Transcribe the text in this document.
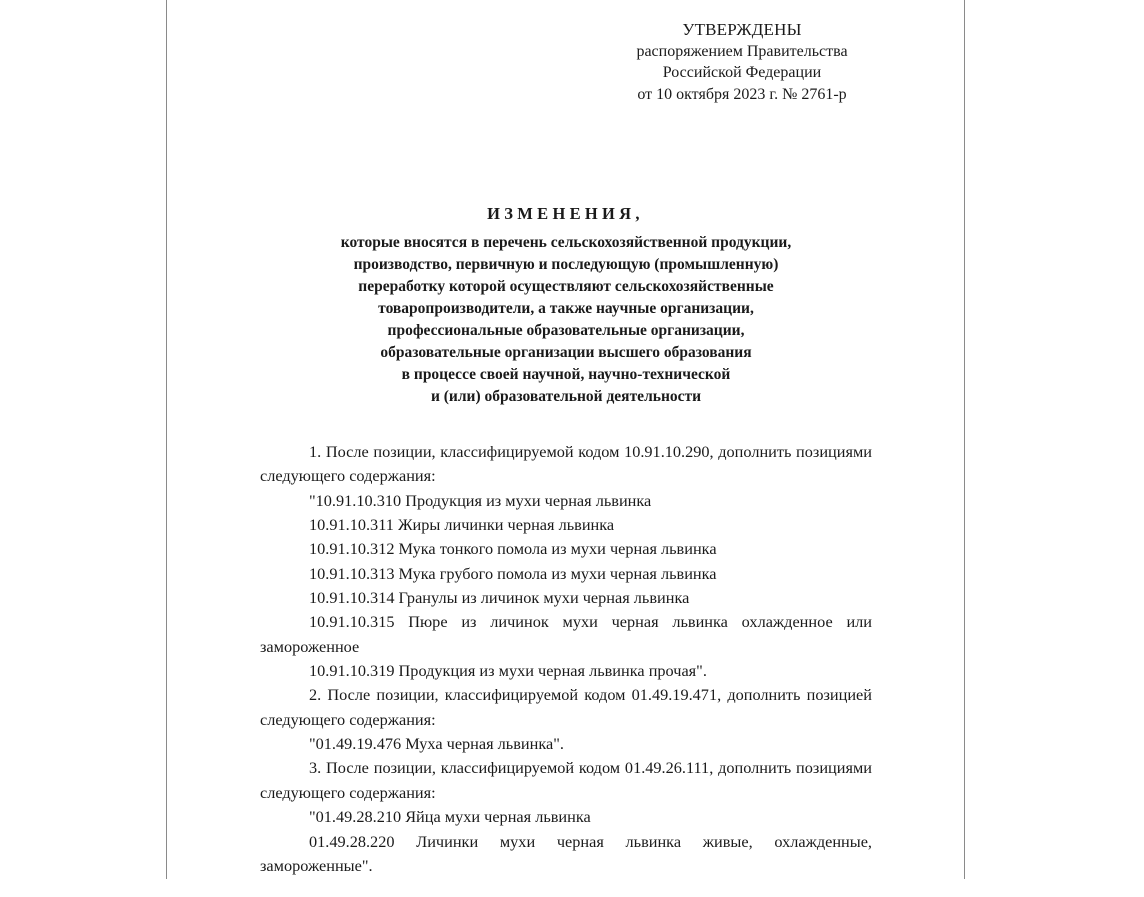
УТВЕРЖДЕНЫ
распоряжением Правительства
Российской Федерации
от 10 октября 2023 г. № 2761-р
ИЗМЕНЕНИЯ,
которые вносятся в перечень сельскохозяйственной продукции,
производство, первичную и последующую (промышленную)
переработку которой осуществляют сельскохозяйственные
товаропроизводители, а также научные организации,
профессиональные образовательные организации,
образовательные организации высшего образования
в процессе своей научной, научно-технической
и (или) образовательной деятельности

1. После позиции, классифицируемой кодом 10.91.10.290, дополнить позициями следующего содержания:

"10.91.10.310 Продукция из мухи черная львинка

10.91.10.311 Жиры личинки черная львинка

10.91.10.312 Мука тонкого помола из мухи черная львинка

10.91.10.313 Мука грубого помола из мухи черная львинка

10.91.10.314 Гранулы из личинок мухи черная львинка

10.91.10.315 Пюре из личинок мухи черная львинка охлажденное или замороженное

10.91.10.319 Продукция из мухи черная львинка прочая".

2. После позиции, классифицируемой кодом 01.49.19.471, дополнить позицией следующего содержания:

"01.49.19.476 Муха черная львинка".

3. После позиции, классифицируемой кодом 01.49.26.111, дополнить позициями следующего содержания:

"01.49.28.210 Яйца мухи черная львинка

01.49.28.220 Личинки мухи черная львинка живые, охлажденные, замороженные".
